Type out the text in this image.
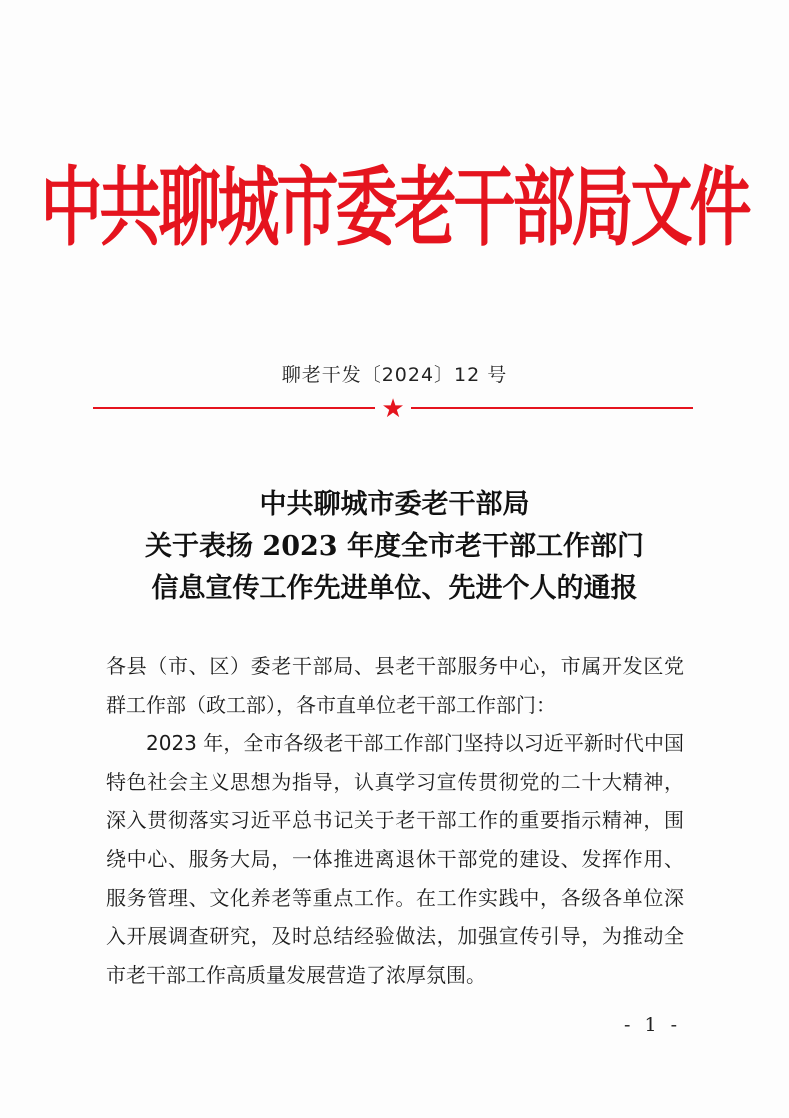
中共聊城市委老干部局文件
聊老干发〔2024〕12 号
★
中共聊城市委老干部局
关于表扬 2023 年度全市老干部工作部门
信息宣传工作先进单位、先进个人的通报

各县（市、区）委老干部局、县老干部服务中心，市属开发区党群工作部（政工部），各市直单位老干部工作部门：

2023 年，全市各级老干部工作部门坚持以习近平新时代中国特色社会主义思想为指导，认真学习宣传贯彻党的二十大精神，深入贯彻落实习近平总书记关于老干部工作的重要指示精神，围绕中心、服务大局，一体推进离退休干部党的建设、发挥作用、服务管理、文化养老等重点工作。在工作实践中，各级各单位深入开展调查研究，及时总结经验做法，加强宣传引导，为推动全市老干部工作高质量发展营造了浓厚氛围。

- 1 -
